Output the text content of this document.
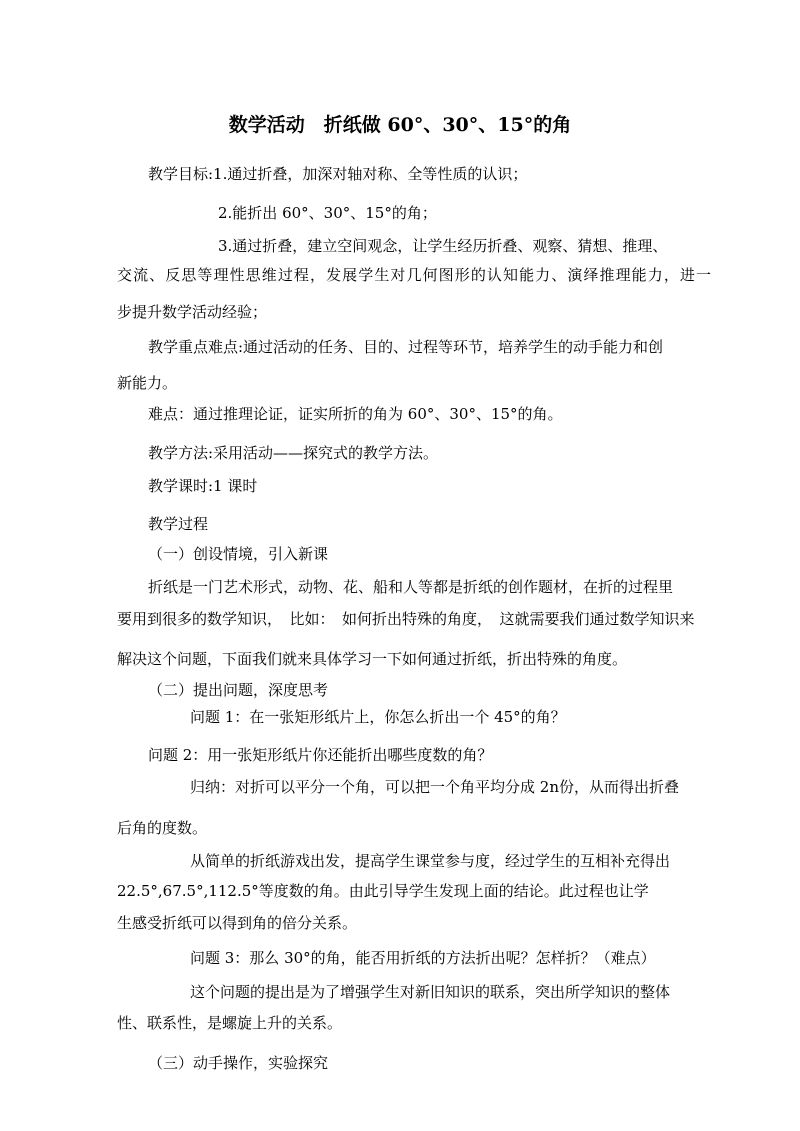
数学活动　折纸做 60°、30°、15°的角
教学目标:1.通过折叠，加深对轴对称、全等性质的认识；
2.能折出 60°、30°、15°的角；
3.通过折叠，建立空间观念，让学生经历折叠、观察、猜想、推理、
交流、反思等理性思维过程，发展学生对几何图形的认知能力、演绎推理能力，进一
步提升数学活动经验；
教学重点难点:通过活动的任务、目的、过程等环节，培养学生的动手能力和创
新能力。
难点：通过推理论证，证实所折的角为 60°、30°、15°的角。
教学方法:采用活动——探究式的教学方法。
教学课时:1 课时
教学过程
（一）创设情境，引入新课
折纸是一门艺术形式，动物、花、船和人等都是折纸的创作题材，在折的过程里
要用到很多的数学知识，　比如：　如何折出特殊的角度，　这就需要我们通过数学知识来
解决这个问题，下面我们就来具体学习一下如何通过折纸，折出特殊的角度。
（二）提出问题，深度思考
问题 1：在一张矩形纸片上，你怎么折出一个 45°的角？
问题 2：用一张矩形纸片你还能折出哪些度数的角？
归纳：对折可以平分一个角，可以把一个角平均分成 2n份，从而得出折叠
后角的度数。
从简单的折纸游戏出发，提高学生课堂参与度，经过学生的互相补充得出
22.5°,67.5°,112.5°等度数的角。由此引导学生发现上面的结论。此过程也让学
生感受折纸可以得到角的倍分关系。
问题 3：那么 30°的角，能否用折纸的方法折出呢？怎样折？（难点）
这个问题的提出是为了增强学生对新旧知识的联系，突出所学知识的整体
性、联系性，是螺旋上升的关系。
（三）动手操作，实验探究
